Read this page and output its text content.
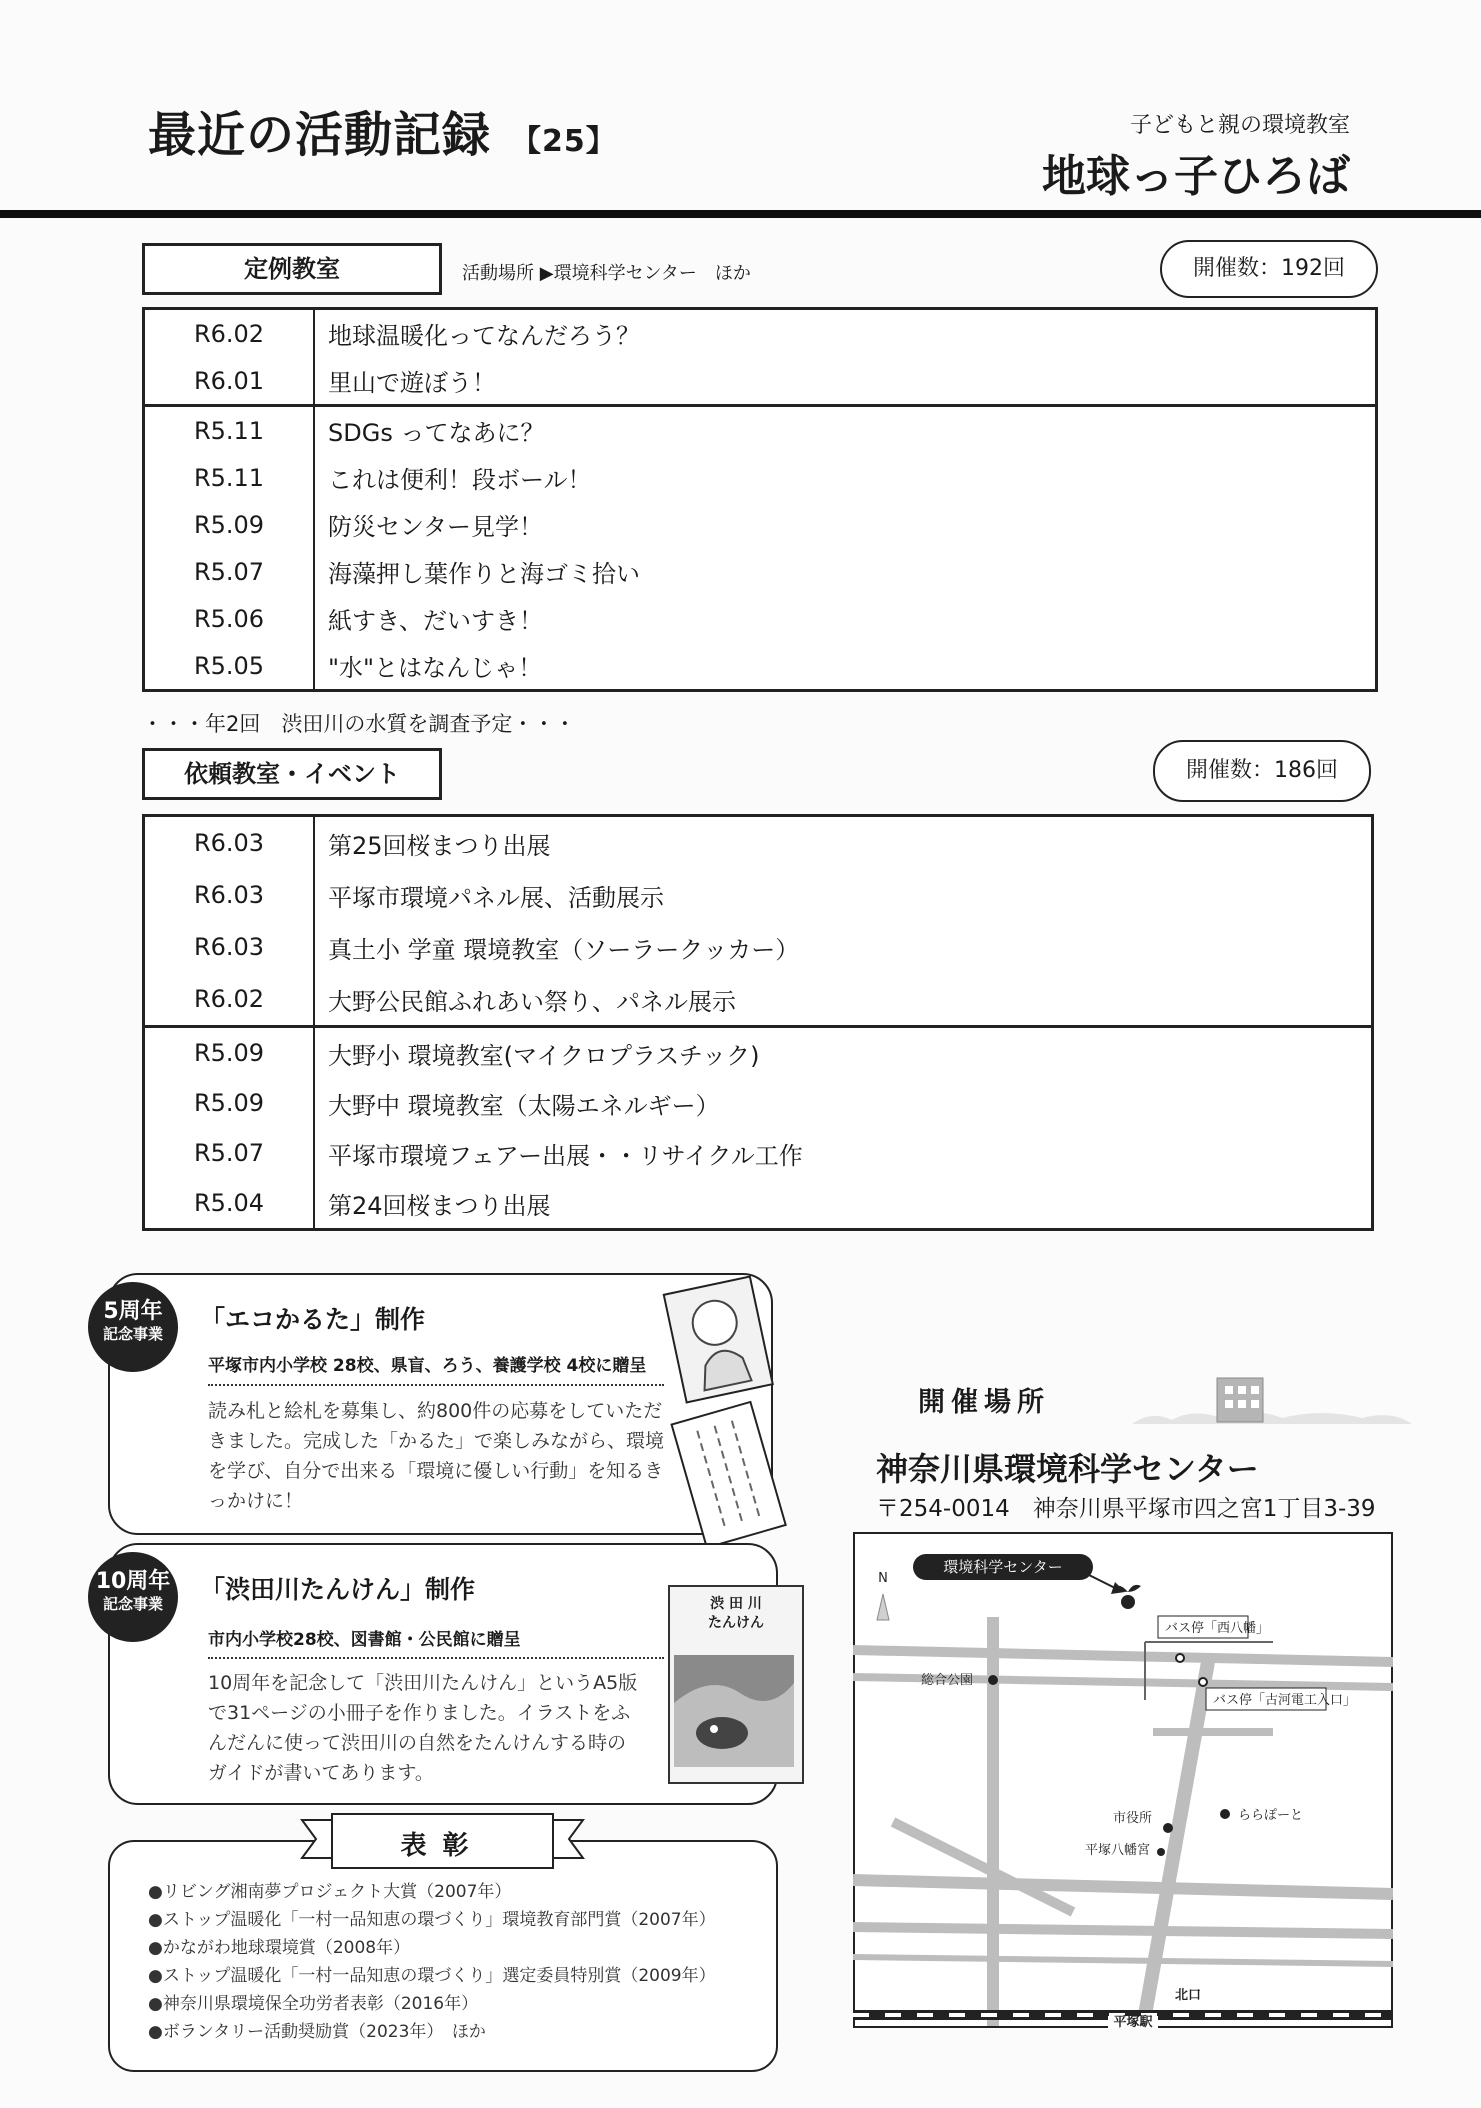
最近の活動記録 【25】	子どもと親の環境教室
地球っ子ひろば
定例教室	活動場所 ▶環境科学センター　ほか	開催数：192回
R6.02	地球温暖化ってなんだろう？
R6.01	里山で遊ぼう！
R5.11	SDGs ってなあに？
R5.11	これは便利！段ボール！
R5.09	防災センター見学！
R5.07	海藻押し葉作りと海ゴミ拾い
R5.06	紙すき、だいすき！
R5.05	"水"とはなんじゃ！
・・・年2回　渋田川の水質を調査予定・・・
依頼教室・イベント	開催数：186回
R6.03	第25回桜まつり出展
R6.03	平塚市環境パネル展、活動展示
R6.03	真土小 学童 環境教室（ソーラークッカー）
R6.02	大野公民館ふれあい祭り、パネル展示
R5.09	大野小 環境教室(マイクロプラスチック)
R5.09	大野中 環境教室（太陽エネルギー）
R5.07	平塚市環境フェアー出展・・リサイクル工作
R5.04	第24回桜まつり出展
5周年
記念事業	「エコかるた」制作
平塚市内小学校 28校、県盲、ろう、養護学校 4校に贈呈
読み札と絵札を募集し、約800件の応募をしていただきました。完成した「かるた」で楽しみながら、環境を学び、自分で出来る「環境に優しい行動」を知るきっかけに！
10周年
記念事業	「渋田川たんけん」制作
市内小学校28校、図書館・公民館に贈呈
10周年を記念して「渋田川たんけん」というA5版で31ページの小冊子を作りました。イラストをふんだんに使って渋田川の自然をたんけんする時のガイドが書いてあります。
渋 田 川
たんけん
表彰
●リビング湘南夢プロジェクト大賞（2007年）
●ストップ温暖化「一村一品知恵の環づくり」環境教育部門賞（2007年）
●かながわ地球環境賞（2008年）
●ストップ温暖化「一村一品知恵の環づくり」選定委員特別賞（2009年）
●神奈川県環境保全功労者表彰（2016年）
●ボランタリー活動奨励賞（2023年）　ほか
開催場所
神奈川県環境科学センター
〒254-0014　神奈川県平塚市四之宮1丁目3-39
N
環境科学センター
バス停「西八幡」
バス停「古河電工入口」
総合公園
市役所
平塚八幡宮
ららぽーと
北口
平塚駅
